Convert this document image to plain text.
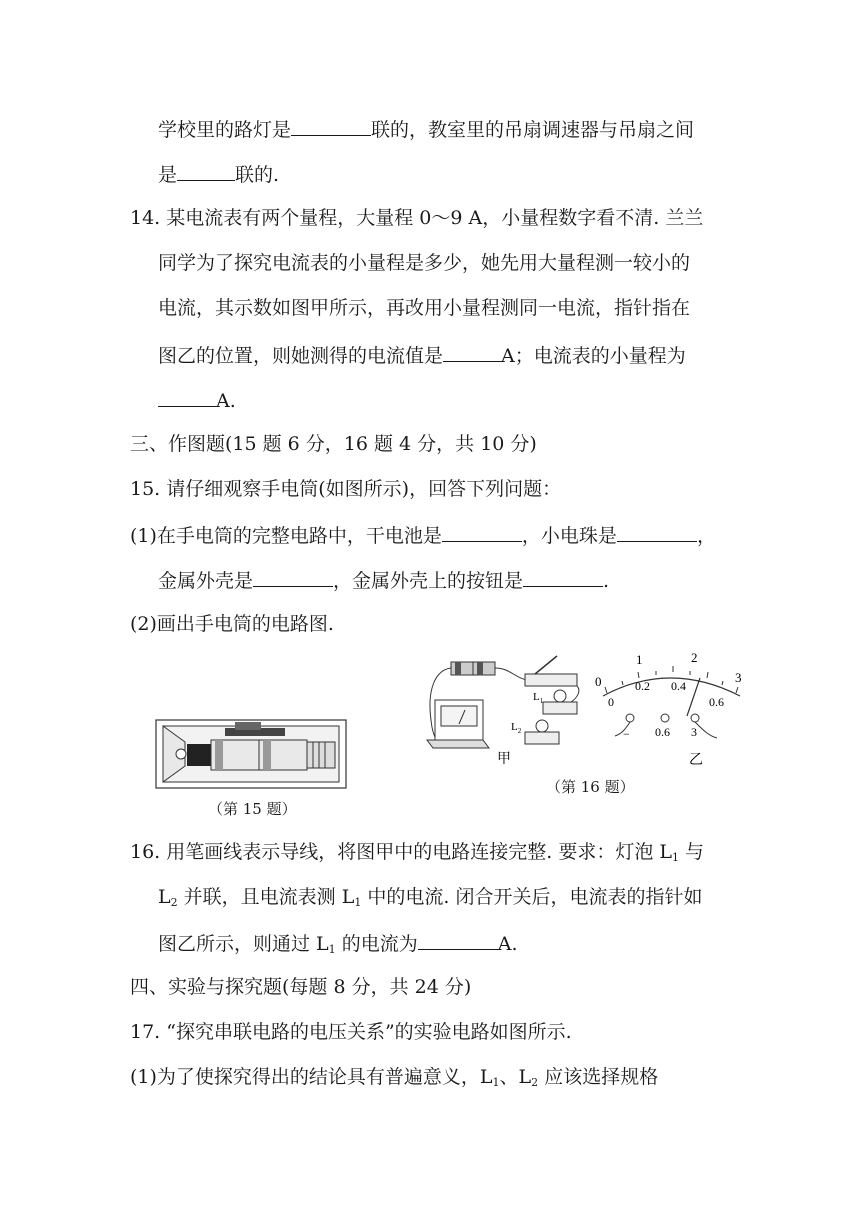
学校里的路灯是	联的，教室里的吊扇调速器与吊扇之间
是	联的.
14. 某电流表有两个量程，大量程 0～9 A，小量程数字看不清. 兰兰
同学为了探究电流表的小量程是多少，她先用大量程测一较小的
电流，其示数如图甲所示，再改用小量程测同一电流，指针指在
图乙的位置，则她测得的电流值是	A；电流表的小量程为
A.
三、作图题(15 题 6 分，16 题 4 分，共 10 分)
15. 请仔细观察手电筒(如图所示)，回答下列问题：
(1)在手电筒的完整电路中，干电池是	，小电珠是	，
金属外壳是	，金属外壳上的按钮是	.
(2)画出手电筒的电路图.
（第 15 题）
$L_1$
$L_2$
甲
0
1	2
3
0
0.2 0.4
0.6
− 0.6 3
乙
（第 16 题）
16. 用笔画线表示导线，将图甲中的电路连接完整. 要求：灯泡 $L_1$ 与
$L_2$ 并联，且电流表测 $L_1$ 中的电流. 闭合开关后，电流表的指针如
图乙所示，则通过 $L_1$ 的电流为	A.
四、实验与探究题(每题 8 分，共 24 分)
17. “探究串联电路的电压关系”的实验电路如图所示.
(1)为了使探究得出的结论具有普遍意义，$L_1$、$L_2$ 应该选择规格
